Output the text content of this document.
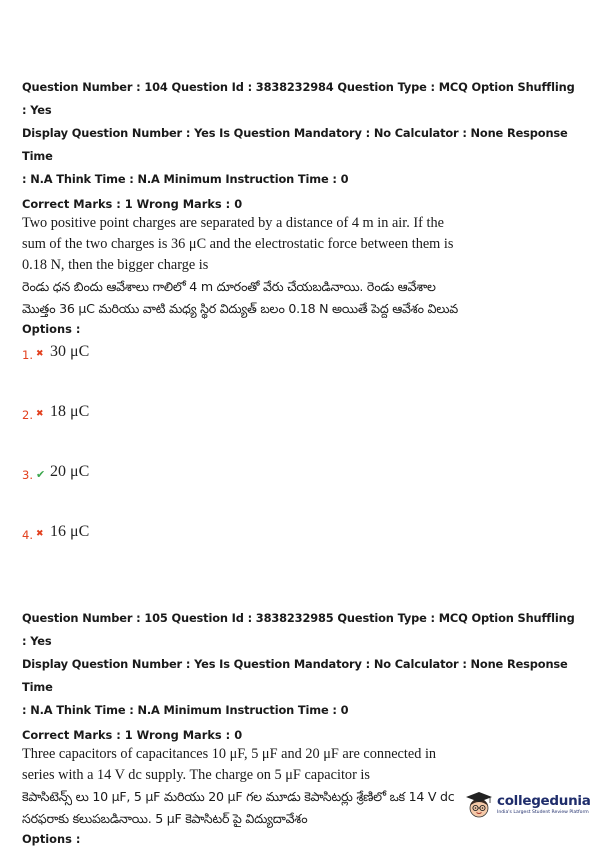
Question Number : 104 Question Id : 3838232984 Question Type : MCQ Option Shuffling : Yes
Display Question Number : Yes Is Question Mandatory : No Calculator : None Response Time
: N.A Think Time : N.A Minimum Instruction Time : 0
Correct Marks : 1 Wrong Marks : 0
Two positive point charges are separated by a distance of 4 m in air. If the sum of the two charges is 36 μC and the electrostatic force between them is 0.18 N, then the bigger charge is
రెండు ధన బిందు ఆవేశాలు గాలిలో 4 m దూరంతో వేరు చేయబడినాయి. రెండు ఆవేశాల మొత్తం 36 μC మరియు వాటి మధ్య స్థిర విద్యుత్ బలం 0.18 N అయితే పెద్ద ఆవేశం విలువ
Options :
1. ✖ 30 μC
2. ✖ 18 μC
3. ✔ 20 μC
4. ✖ 16 μC
Question Number : 105 Question Id : 3838232985 Question Type : MCQ Option Shuffling : Yes
Display Question Number : Yes Is Question Mandatory : No Calculator : None Response Time
: N.A Think Time : N.A Minimum Instruction Time : 0
Correct Marks : 1 Wrong Marks : 0
Three capacitors of capacitances 10 μF, 5 μF and 20 μF are connected in series with a 14 V dc supply. The charge on 5 μF capacitor is
కెపాసిటెన్స్ లు 10 μF, 5 μF మరియు 20 μF గల మూడు కెపాసిటర్లు శ్రేణిలో ఒక 14 V dc సరఫరాకు కలుపబడినాయి. 5 μF కెపాసిటర్ పై విద్యుదావేశం
Options :
collegedunia
India's Largest Student Review Platform
